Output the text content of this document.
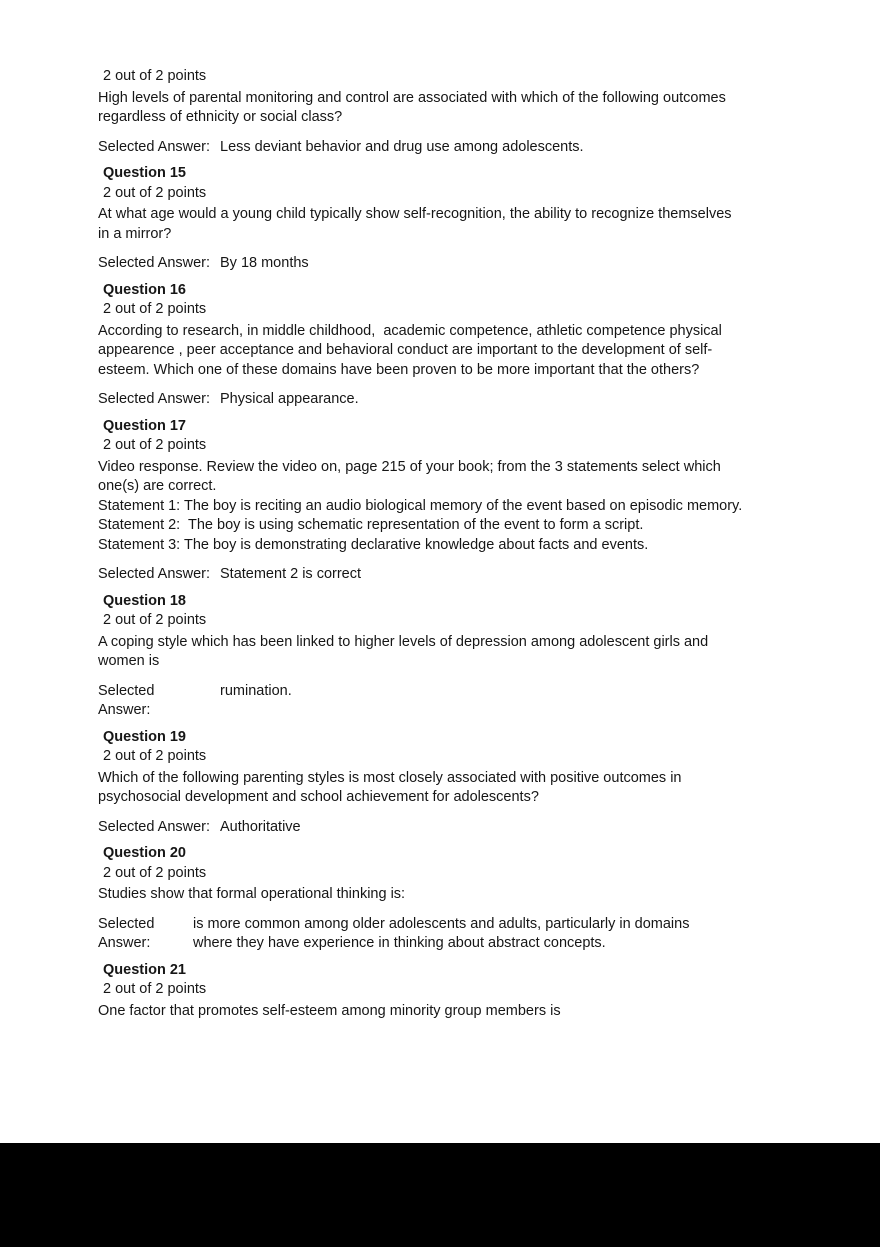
2 out of 2 points
High levels of parental monitoring and control are associated with which of the following outcomes
regardless of ethnicity or social class?
Selected Answer: Less deviant behavior and drug use among adolescents.
Question 15
2 out of 2 points
At what age would a young child typically show self-recognition, the ability to recognize themselves
in a mirror?
Selected Answer: By 18 months
Question 16
2 out of 2 points
According to research, in middle childhood,  academic competence, athletic competence physical
appearence , peer acceptance and behavioral conduct are important to the development of self-
esteem. Which one of these domains have been proven to be more important that the others?
Selected Answer: Physical appearance.
Question 17
2 out of 2 points
Video response. Review the video on, page 215 of your book; from the 3 statements select which
one(s) are correct.
Statement 1: The boy is reciting an audio biological memory of the event based on episodic memory.
Statement 2:  The boy is using schematic representation of the event to form a script.
Statement 3: The boy is demonstrating declarative knowledge about facts and events.
Selected Answer: Statement 2 is correct
Question 18
2 out of 2 points
A coping style which has been linked to higher levels of depression among adolescent girls and
women is
Selected
Answer:
rumination.
Question 19
2 out of 2 points
Which of the following parenting styles is most closely associated with positive outcomes in
psychosocial development and school achievement for adolescents?
Selected Answer: Authoritative
Question 20
2 out of 2 points
Studies show that formal operational thinking is:
Selected
Answer:
is more common among older adolescents and adults, particularly in domains
where they have experience in thinking about abstract concepts.
Question 21
2 out of 2 points
One factor that promotes self-esteem among minority group members is
